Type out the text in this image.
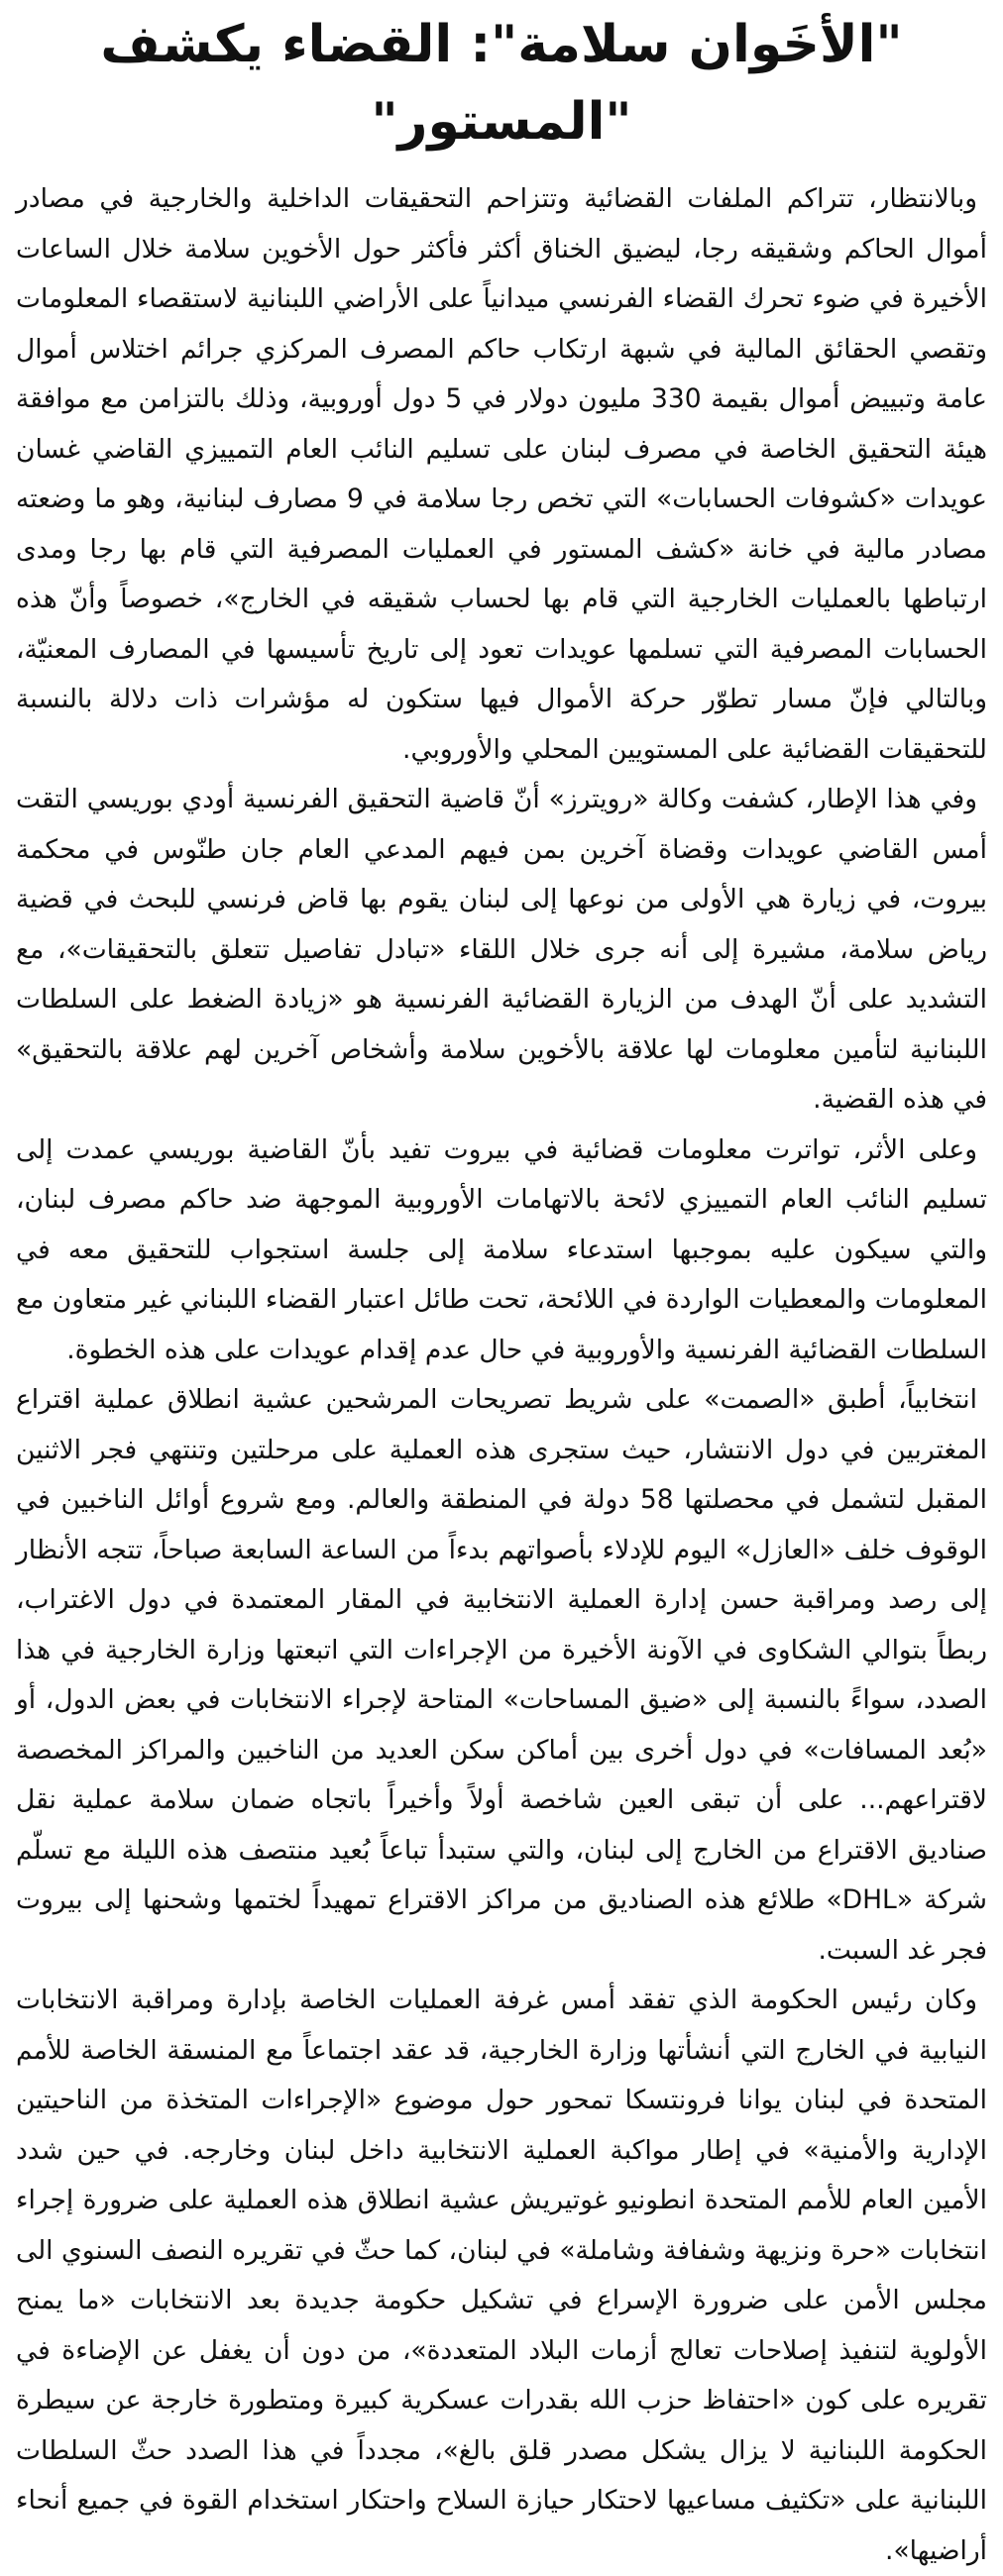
"الأخَوان سلامة": القضاء يكشف "المستور"

وبالانتظار، تتراكم الملفات القضائية وتتزاحم التحقيقات الداخلية والخارجية في مصادر أموال الحاكم وشقيقه رجا، ليضيق الخناق أكثر فأكثر حول الأخوين سلامة خلال الساعات الأخيرة في ضوء تحرك القضاء الفرنسي ميدانياً على الأراضي اللبنانية لاستقصاء المعلومات وتقصي الحقائق المالية في شبهة ارتكاب حاكم المصرف المركزي جرائم اختلاس أموال عامة وتبييض أموال بقيمة 330 مليون دولار في 5 دول أوروبية، وذلك بالتزامن مع موافقة هيئة التحقيق الخاصة في مصرف لبنان على تسليم النائب العام التمييزي القاضي غسان عويدات «كشوفات الحسابات» التي تخص رجا سلامة في 9 مصارف لبنانية، وهو ما وضعته مصادر مالية في خانة «كشف المستور في العمليات المصرفية التي قام بها رجا ومدى ارتباطها بالعمليات الخارجية التي قام بها لحساب شقيقه في الخارج»، خصوصاً وأنّ هذه الحسابات المصرفية التي تسلمها عويدات تعود إلى تاريخ تأسيسها في المصارف المعنيّة، وبالتالي فإنّ مسار تطوّر حركة الأموال فيها ستكون له مؤشرات ذات دلالة بالنسبة للتحقيقات القضائية على المستويين المحلي والأوروبي.

وفي هذا الإطار، كشفت وكالة «رويترز» أنّ قاضية التحقيق الفرنسية أودي بوريسي التقت أمس القاضي عويدات وقضاة آخرين بمن فيهم المدعي العام جان طنّوس في محكمة بيروت، في زيارة هي الأولى من نوعها إلى لبنان يقوم بها قاض فرنسي للبحث في قضية رياض سلامة، مشيرة إلى أنه جرى خلال اللقاء «تبادل تفاصيل تتعلق بالتحقيقات»، مع التشديد على أنّ الهدف من الزيارة القضائية الفرنسية هو «زيادة الضغط على السلطات اللبنانية لتأمين معلومات لها علاقة بالأخوين سلامة وأشخاص آخرين لهم علاقة بالتحقيق» في هذه القضية.

وعلى الأثر، تواترت معلومات قضائية في بيروت تفيد بأنّ القاضية بوريسي عمدت إلى تسليم النائب العام التمييزي لائحة بالاتهامات الأوروبية الموجهة ضد حاكم مصرف لبنان، والتي سيكون عليه بموجبها استدعاء سلامة إلى جلسة استجواب للتحقيق معه في المعلومات والمعطيات الواردة في اللائحة، تحت طائل اعتبار القضاء اللبناني غير متعاون مع السلطات القضائية الفرنسية والأوروبية في حال عدم إقدام عويدات على هذه الخطوة.

انتخابياً، أطبق «الصمت» على شريط تصريحات المرشحين عشية انطلاق عملية اقتراع المغتربين في دول الانتشار، حيث ستجرى هذه العملية على مرحلتين وتنتهي فجر الاثنين المقبل لتشمل في محصلتها 58 دولة في المنطقة والعالم. ومع شروع أوائل الناخبين في الوقوف خلف «العازل» اليوم للإدلاء بأصواتهم بدءاً من الساعة السابعة صباحاً، تتجه الأنظار إلى رصد ومراقبة حسن إدارة العملية الانتخابية في المقار المعتمدة في دول الاغتراب، ربطاً بتوالي الشكاوى في الآونة الأخيرة من الإجراءات التي اتبعتها وزارة الخارجية في هذا الصدد، سواءً بالنسبة إلى «ضيق المساحات» المتاحة لإجراء الانتخابات في بعض الدول، أو «بُعد المسافات» في دول أخرى بين أماكن سكن العديد من الناخبين والمراكز المخصصة لاقتراعهم... على أن تبقى العين شاخصة أولاً وأخيراً باتجاه ضمان سلامة عملية نقل صناديق الاقتراع من الخارج إلى لبنان، والتي ستبدأ تباعاً بُعيد منتصف هذه الليلة مع تسلّم شركة «DHL» طلائع هذه الصناديق من مراكز الاقتراع تمهيداً لختمها وشحنها إلى بيروت فجر غد السبت.

وكان رئيس الحكومة الذي تفقد أمس غرفة العمليات الخاصة بإدارة ومراقبة الانتخابات النيابية في الخارج التي أنشأتها وزارة الخارجية، قد عقد اجتماعاً مع المنسقة الخاصة للأمم المتحدة في لبنان يوانا فرونتسكا تمحور حول موضوع «الإجراءات المتخذة من الناحيتين الإدارية والأمنية» في إطار مواكبة العملية الانتخابية داخل لبنان وخارجه. في حين شدد الأمين العام للأمم المتحدة انطونيو غوتيريش عشية انطلاق هذه العملية على ضرورة إجراء انتخابات «حرة ونزيهة وشفافة وشاملة» في لبنان، كما حثّ في تقريره النصف السنوي الى مجلس الأمن على ضرورة الإسراع في تشكيل حكومة جديدة بعد الانتخابات «ما يمنح الأولوية لتنفيذ إصلاحات تعالج أزمات البلاد المتعددة»، من دون أن يغفل عن الإضاءة في تقريره على كون «احتفاظ حزب الله بقدرات عسكرية كبيرة ومتطورة خارجة عن سيطرة الحكومة اللبنانية لا يزال يشكل مصدر قلق بالغ»، مجدداً في هذا الصدد حثّ السلطات اللبنانية على «تكثيف مساعيها لاحتكار حيازة السلاح واحتكار استخدام القوة في جميع أنحاء أراضيها».
